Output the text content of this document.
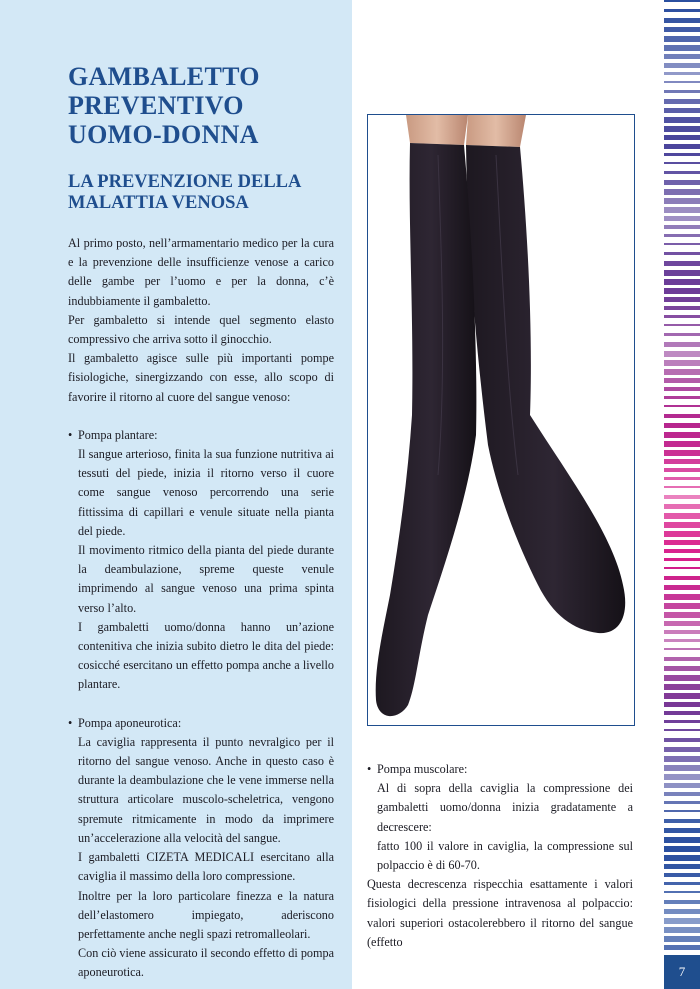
7
GAMBALETTO
PREVENTIVO
UOMO-DONNA
LA PREVENZIONE DELLA
MALATTIA VENOSA

Al primo posto, nell’armamentario medico per la cura e la prevenzione delle insufficienze venose a carico delle gambe per l’uomo e per la donna, c’è indubbiamente il gambaletto.

Per gambaletto si intende quel segmento elasto compressivo che arriva sotto il ginocchio.

Il gambaletto agisce sulle più importanti pompe fisiologiche, sinergizzando con esse, allo scopo di favorire il ritorno al cuore del sangue venoso:

• Pompa plantare:

Il sangue arterioso, finita la sua funzione nutritiva ai tessuti del piede, inizia il ritorno verso il cuore come sangue venoso percorrendo una serie fittissima di capillari e venule situate nella pianta del piede.

Il movimento ritmico della pianta del piede durante la deambulazione, spreme queste venule imprimendo al sangue venoso una prima spinta verso l’alto.

I gambaletti uomo/donna hanno un’azione contenitiva che inizia subito dietro le dita del piede: cosicché esercitano un effetto pompa anche a livello plantare.

• Pompa aponeurotica:

La caviglia rappresenta il punto nevralgico per il ritorno del sangue venoso. Anche in questo caso è durante la deambulazione che le vene immerse nella struttura articolare muscolo-scheletrica, vengono spremute ritmicamente in modo da imprimere un’accelerazione alla velocità del sangue.

I gambaletti CIZETA MEDICALI esercitano alla caviglia il massimo della loro compressione.

Inoltre per la loro particolare finezza e la natura dell’elastomero impiegato, aderiscono perfettamente anche negli spazi retromalleolari.

Con ciò viene assicurato il secondo effetto di pompa aponeurotica.

• Pompa muscolare:

Al di sopra della caviglia la compressione dei gambaletti uomo/donna inizia gradatamente a decrescere:

fatto 100 il valore in caviglia, la compressione sul polpaccio è di 60-70.

Questa decrescenza rispecchia esattamente i valori fisiologici della pressione intravenosa al polpaccio: valori superiori ostacolerebbero il ritorno del sangue (effetto
